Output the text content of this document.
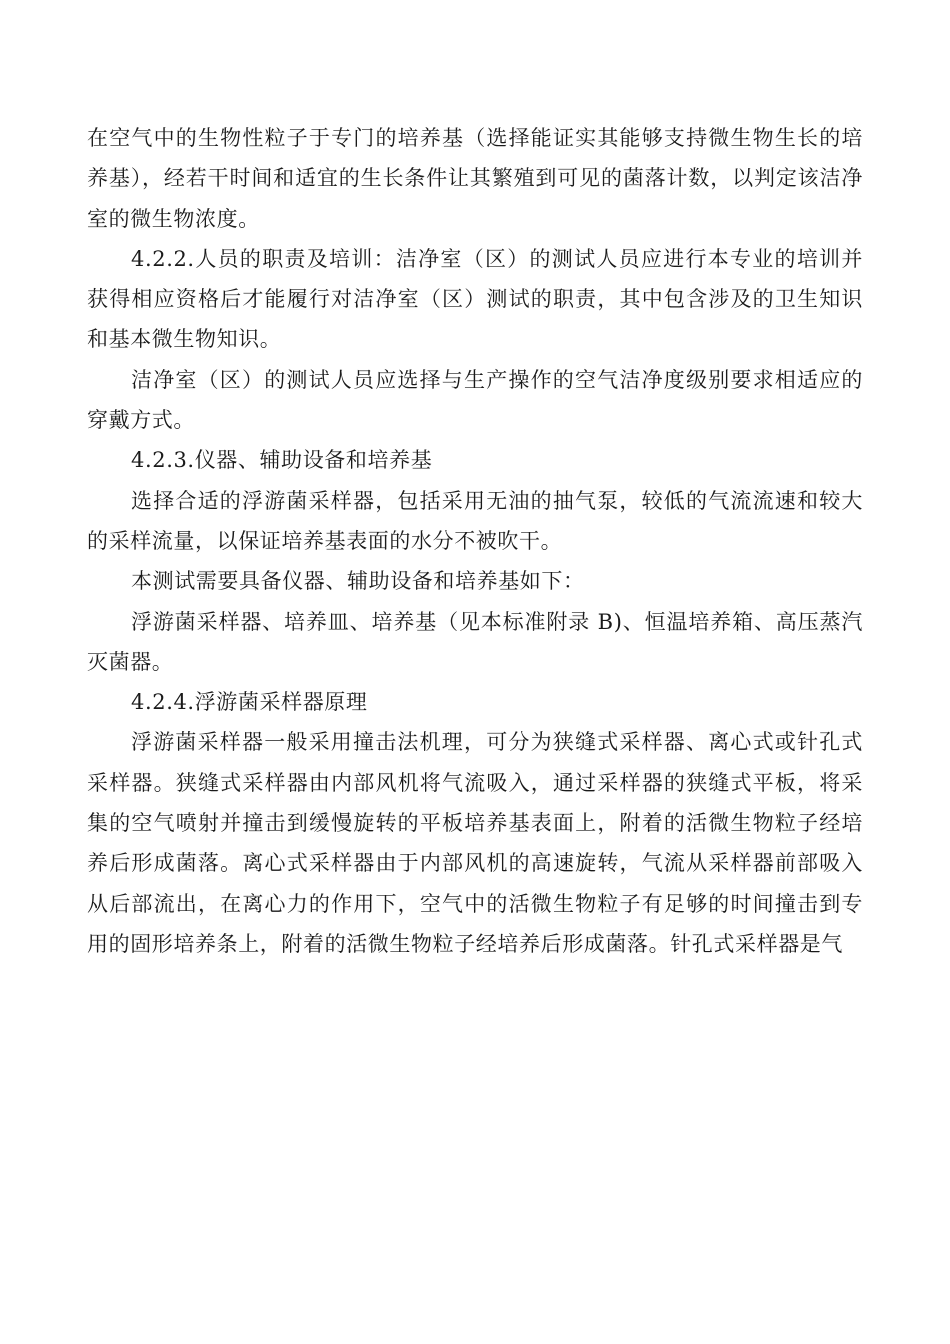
在空气中的生物性粒子于专门的培养基（选择能证实其能够支持微生物生长的培养基），经若干时间和适宜的生长条件让其繁殖到可见的菌落计数，以判定该洁净室的微生物浓度。

4.2.2.人员的职责及培训：洁净室（区）的测试人员应进行本专业的培训并获得相应资格后才能履行对洁净室（区）测试的职责，其中包含涉及的卫生知识和基本微生物知识。

洁净室（区）的测试人员应选择与生产操作的空气洁净度级别要求相适应的穿戴方式。

4.2.3.仪器、辅助设备和培养基

选择合适的浮游菌采样器，包括采用无油的抽气泵，较低的气流流速和较大的采样流量，以保证培养基表面的水分不被吹干。

本测试需要具备仪器、辅助设备和培养基如下：

浮游菌采样器、培养皿、培养基（见本标准附录 B)、恒温培养箱、高压蒸汽灭菌器。

4.2.4.浮游菌采样器原理

浮游菌采样器一般采用撞击法机理，可分为狭缝式采样器、离心式或针孔式采样器。狭缝式采样器由内部风机将气流吸入，通过采样器的狭缝式平板，将采集的空气喷射并撞击到缓慢旋转的平板培养基表面上，附着的活微生物粒子经培养后形成菌落。离心式采样器由于内部风机的高速旋转，气流从采样器前部吸入从后部流出，在离心力的作用下，空气中的活微生物粒子有足够的时间撞击到专用的固形培养条上，附着的活微生物粒子经培养后形成菌落。针孔式采样器是气
